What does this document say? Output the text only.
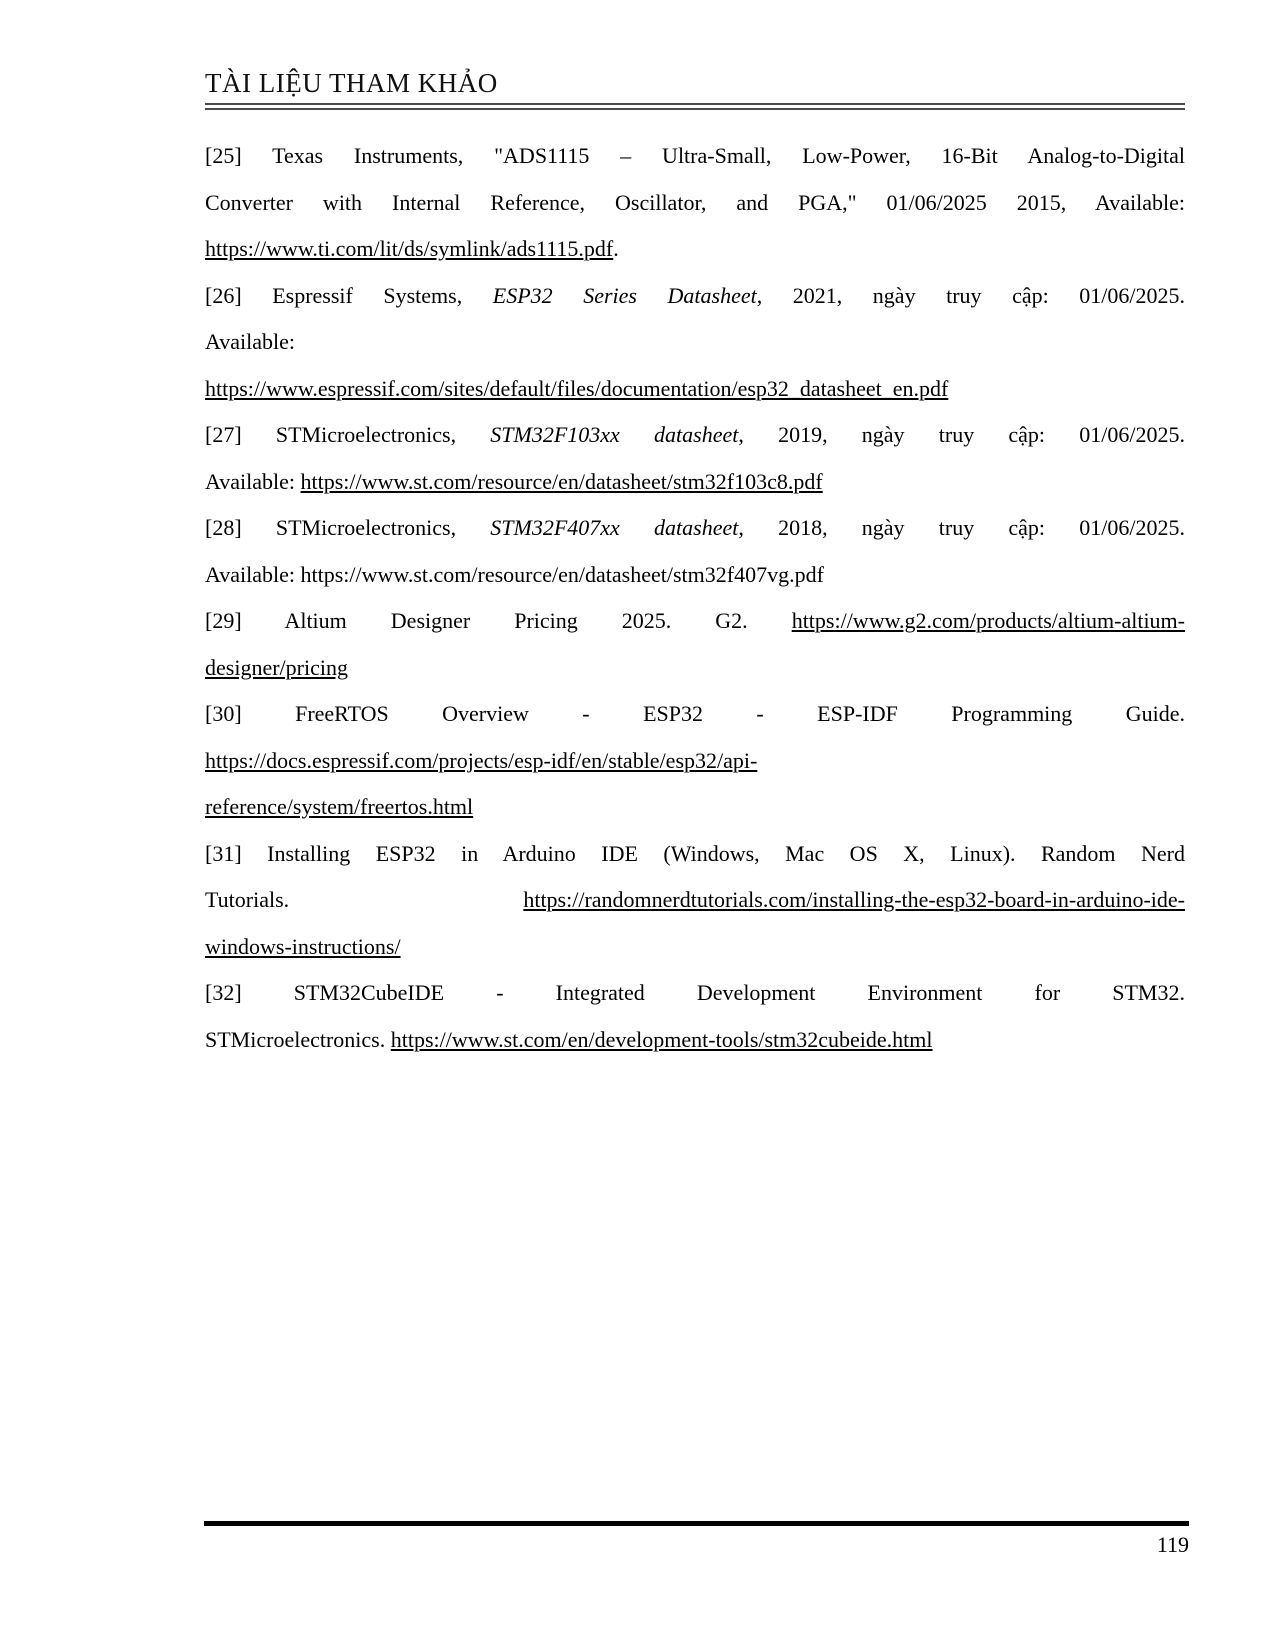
TÀI LIỆU THAM KHẢO
[25] Texas Instruments, "ADS1115 – Ultra-Small, Low-Power, 16-Bit Analog-to-Digital
Converter with Internal Reference, Oscillator, and PGA," 01/06/2025 2015, Available:
https://www.ti.com/lit/ds/symlink/ads1115.pdf.
[26] Espressif Systems, ESP32 Series Datasheet, 2021, ngày truy cập: 01/06/2025.
Available:
https://www.espressif.com/sites/default/files/documentation/esp32_datasheet_en.pdf
[27] STMicroelectronics, STM32F103xx datasheet, 2019, ngày truy cập: 01/06/2025.
Available: https://www.st.com/resource/en/datasheet/stm32f103c8.pdf
[28] STMicroelectronics, STM32F407xx datasheet, 2018, ngày truy cập: 01/06/2025.
Available: https://www.st.com/resource/en/datasheet/stm32f407vg.pdf
[29] Altium Designer Pricing 2025. G2. https://www.g2.com/products/altium-altium-
designer/pricing
[30] FreeRTOS Overview - ESP32 - ESP-IDF Programming Guide.
https://docs.espressif.com/projects/esp-idf/en/stable/esp32/api-
reference/system/freertos.html
[31] Installing ESP32 in Arduino IDE (Windows, Mac OS X, Linux). Random Nerd
Tutorials. https://randomnerdtutorials.com/installing-the-esp32-board-in-arduino-ide-
windows-instructions/
[32] STM32CubeIDE - Integrated Development Environment for STM32.
STMicroelectronics. https://www.st.com/en/development-tools/stm32cubeide.html
119
